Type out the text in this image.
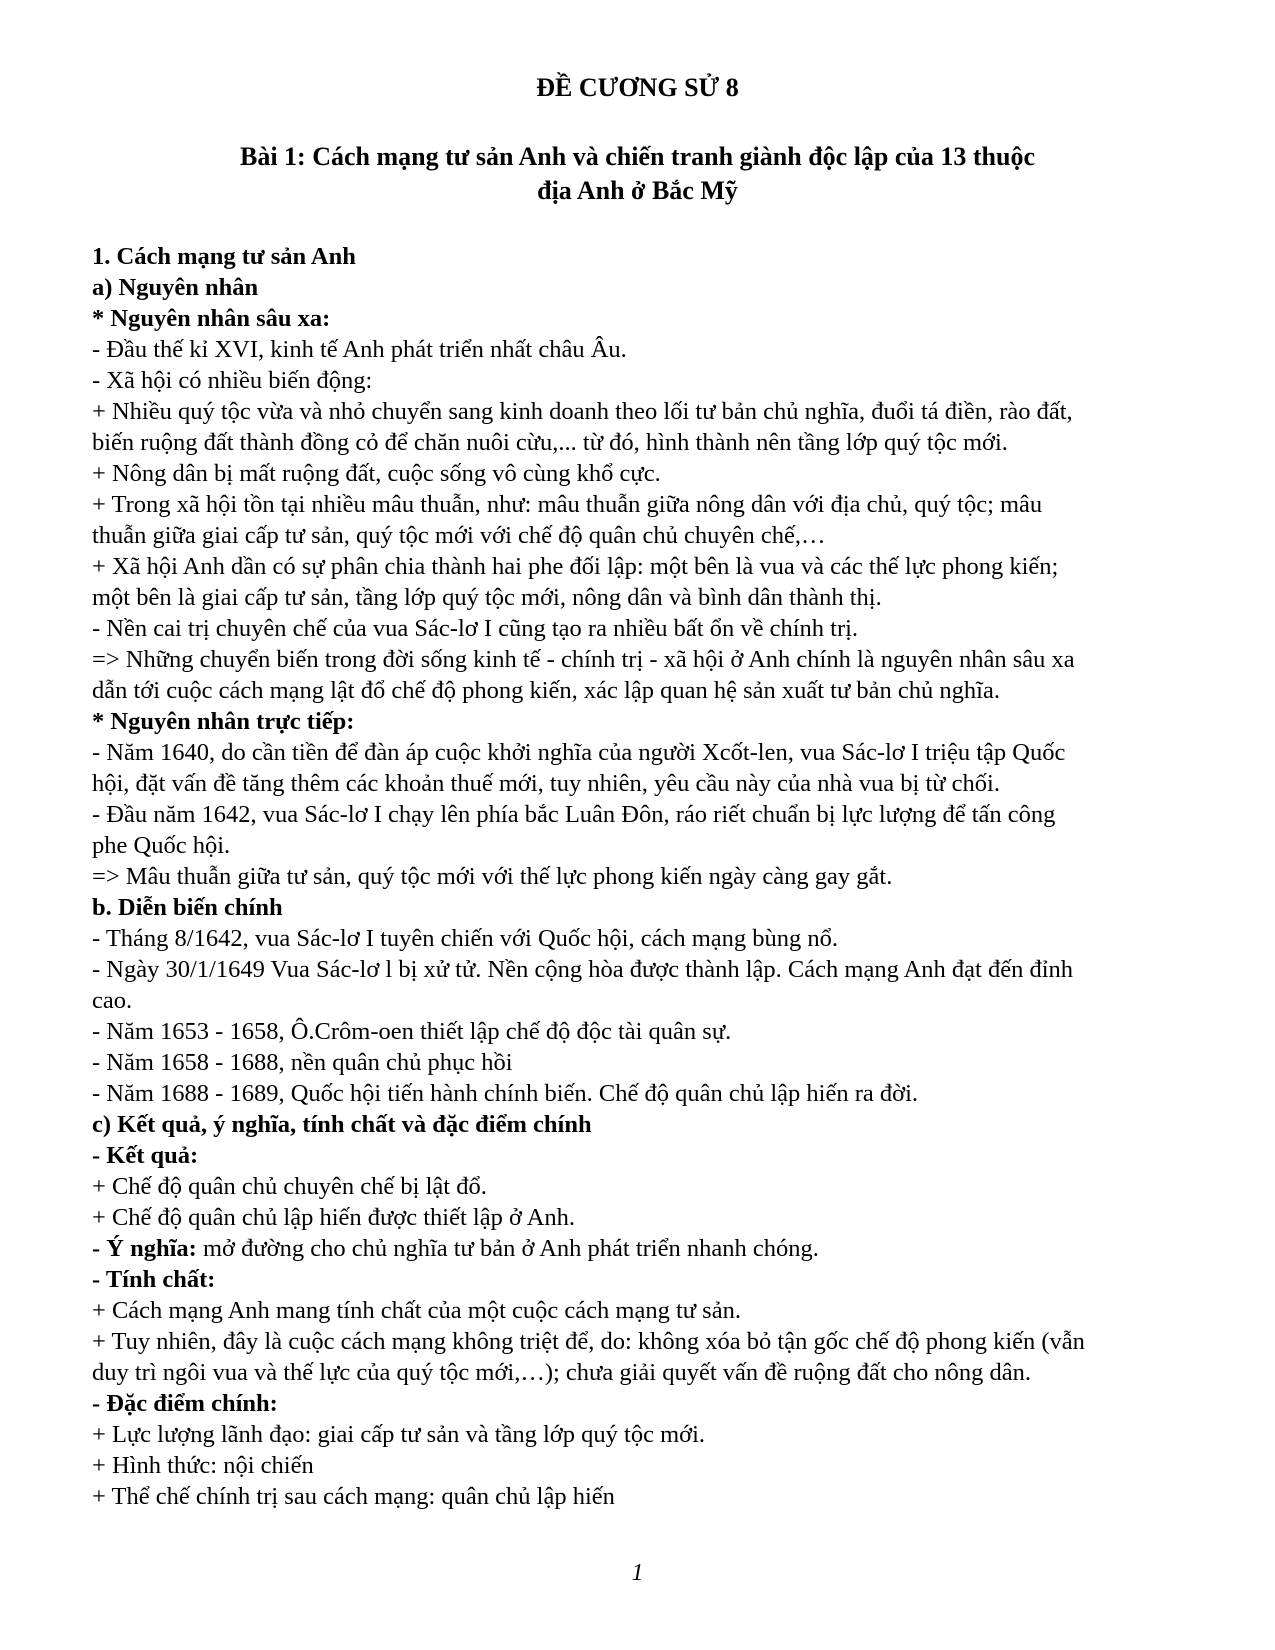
ĐỀ CƯƠNG SỬ 8
Bài 1: Cách mạng tư sản Anh và chiến tranh giành độc lập của 13 thuộc
địa Anh ở Bắc Mỹ
1. Cách mạng tư sản Anh
a) Nguyên nhân
* Nguyên nhân sâu xa:
- Đầu thế kỉ XVI, kinh tế Anh phát triển nhất châu Âu.
- Xã hội có nhiều biến động:
+ Nhiều quý tộc vừa và nhỏ chuyển sang kinh doanh theo lối tư bản chủ nghĩa, đuổi tá điền, rào đất,
biến ruộng đất thành đồng cỏ để chăn nuôi cừu,... từ đó, hình thành nên tầng lớp quý tộc mới.
+ Nông dân bị mất ruộng đất, cuộc sống vô cùng khổ cực.
+ Trong xã hội tồn tại nhiều mâu thuẫn, như: mâu thuẫn giữa nông dân với địa chủ, quý tộc; mâu
thuẫn giữa giai cấp tư sản, quý tộc mới với chế độ quân chủ chuyên chế,…
+ Xã hội Anh dần có sự phân chia thành hai phe đối lập: một bên là vua và các thế lực phong kiến;
một bên là giai cấp tư sản, tầng lớp quý tộc mới, nông dân và bình dân thành thị.
- Nền cai trị chuyên chế của vua Sác-lơ I cũng tạo ra nhiều bất ổn về chính trị.
=> Những chuyển biến trong đời sống kinh tế - chính trị - xã hội ở Anh chính là nguyên nhân sâu xa
dẫn tới cuộc cách mạng lật đổ chế độ phong kiến, xác lập quan hệ sản xuất tư bản chủ nghĩa.
* Nguyên nhân trực tiếp:
- Năm 1640, do cần tiền để đàn áp cuộc khởi nghĩa của người Xcốt-len, vua Sác-lơ I triệu tập Quốc
hội, đặt vấn đề tăng thêm các khoản thuế mới, tuy nhiên, yêu cầu này của nhà vua bị từ chối.
- Đầu năm 1642, vua Sác-lơ I chạy lên phía bắc Luân Đôn, ráo riết chuẩn bị lực lượng để tấn công
phe Quốc hội.
=> Mâu thuẫn giữa tư sản, quý tộc mới với thế lực phong kiến ngày càng gay gắt.
b. Diễn biến chính
- Tháng 8/1642, vua Sác-lơ I tuyên chiến với Quốc hội, cách mạng bùng nổ.
- Ngày 30/1/1649 Vua Sác-lơ l bị xử tử. Nền cộng hòa được thành lập. Cách mạng Anh đạt đến đỉnh
cao.
- Năm 1653 - 1658, Ô.Crôm-oen thiết lập chế độ độc tài quân sự.
- Năm 1658 - 1688, nền quân chủ phục hồi
- Năm 1688 - 1689, Quốc hội tiến hành chính biến. Chế độ quân chủ lập hiến ra đời.
c) Kết quả, ý nghĩa, tính chất và đặc điểm chính
- Kết quả:
+ Chế độ quân chủ chuyên chế bị lật đổ.
+ Chế độ quân chủ lập hiến được thiết lập ở Anh.
- Ý nghĩa: mở đường cho chủ nghĩa tư bản ở Anh phát triển nhanh chóng.
- Tính chất:
+ Cách mạng Anh mang tính chất của một cuộc cách mạng tư sản.
+ Tuy nhiên, đây là cuộc cách mạng không triệt để, do: không xóa bỏ tận gốc chế độ phong kiến (vẫn
duy trì ngôi vua và thế lực của quý tộc mới,…); chưa giải quyết vấn đề ruộng đất cho nông dân.
- Đặc điểm chính:
+ Lực lượng lãnh đạo: giai cấp tư sản và tầng lớp quý tộc mới.
+ Hình thức: nội chiến
+ Thể chế chính trị sau cách mạng: quân chủ lập hiến
1
